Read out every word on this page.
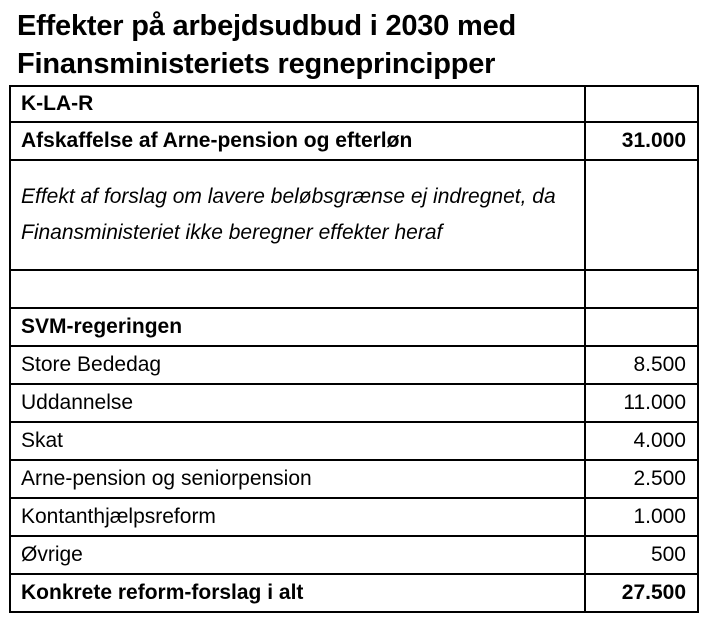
Effekter på arbejdsudbud i 2030 med
Finansministeriets regneprincipper
K-LA-R	
Afskaffelse af Arne-pension og efterløn	31.000
Effekt af forslag om lavere beløbsgrænse ej indregnet, da Finansministeriet ikke beregner effekter heraf	

SVM-regeringen	
Store Bededag	8.500
Uddannelse	11.000
Skat	4.000
Arne-pension og seniorpension	2.500
Kontanthjælpsreform	1.000
Øvrige	500
Konkrete reform-forslag i alt	27.500
